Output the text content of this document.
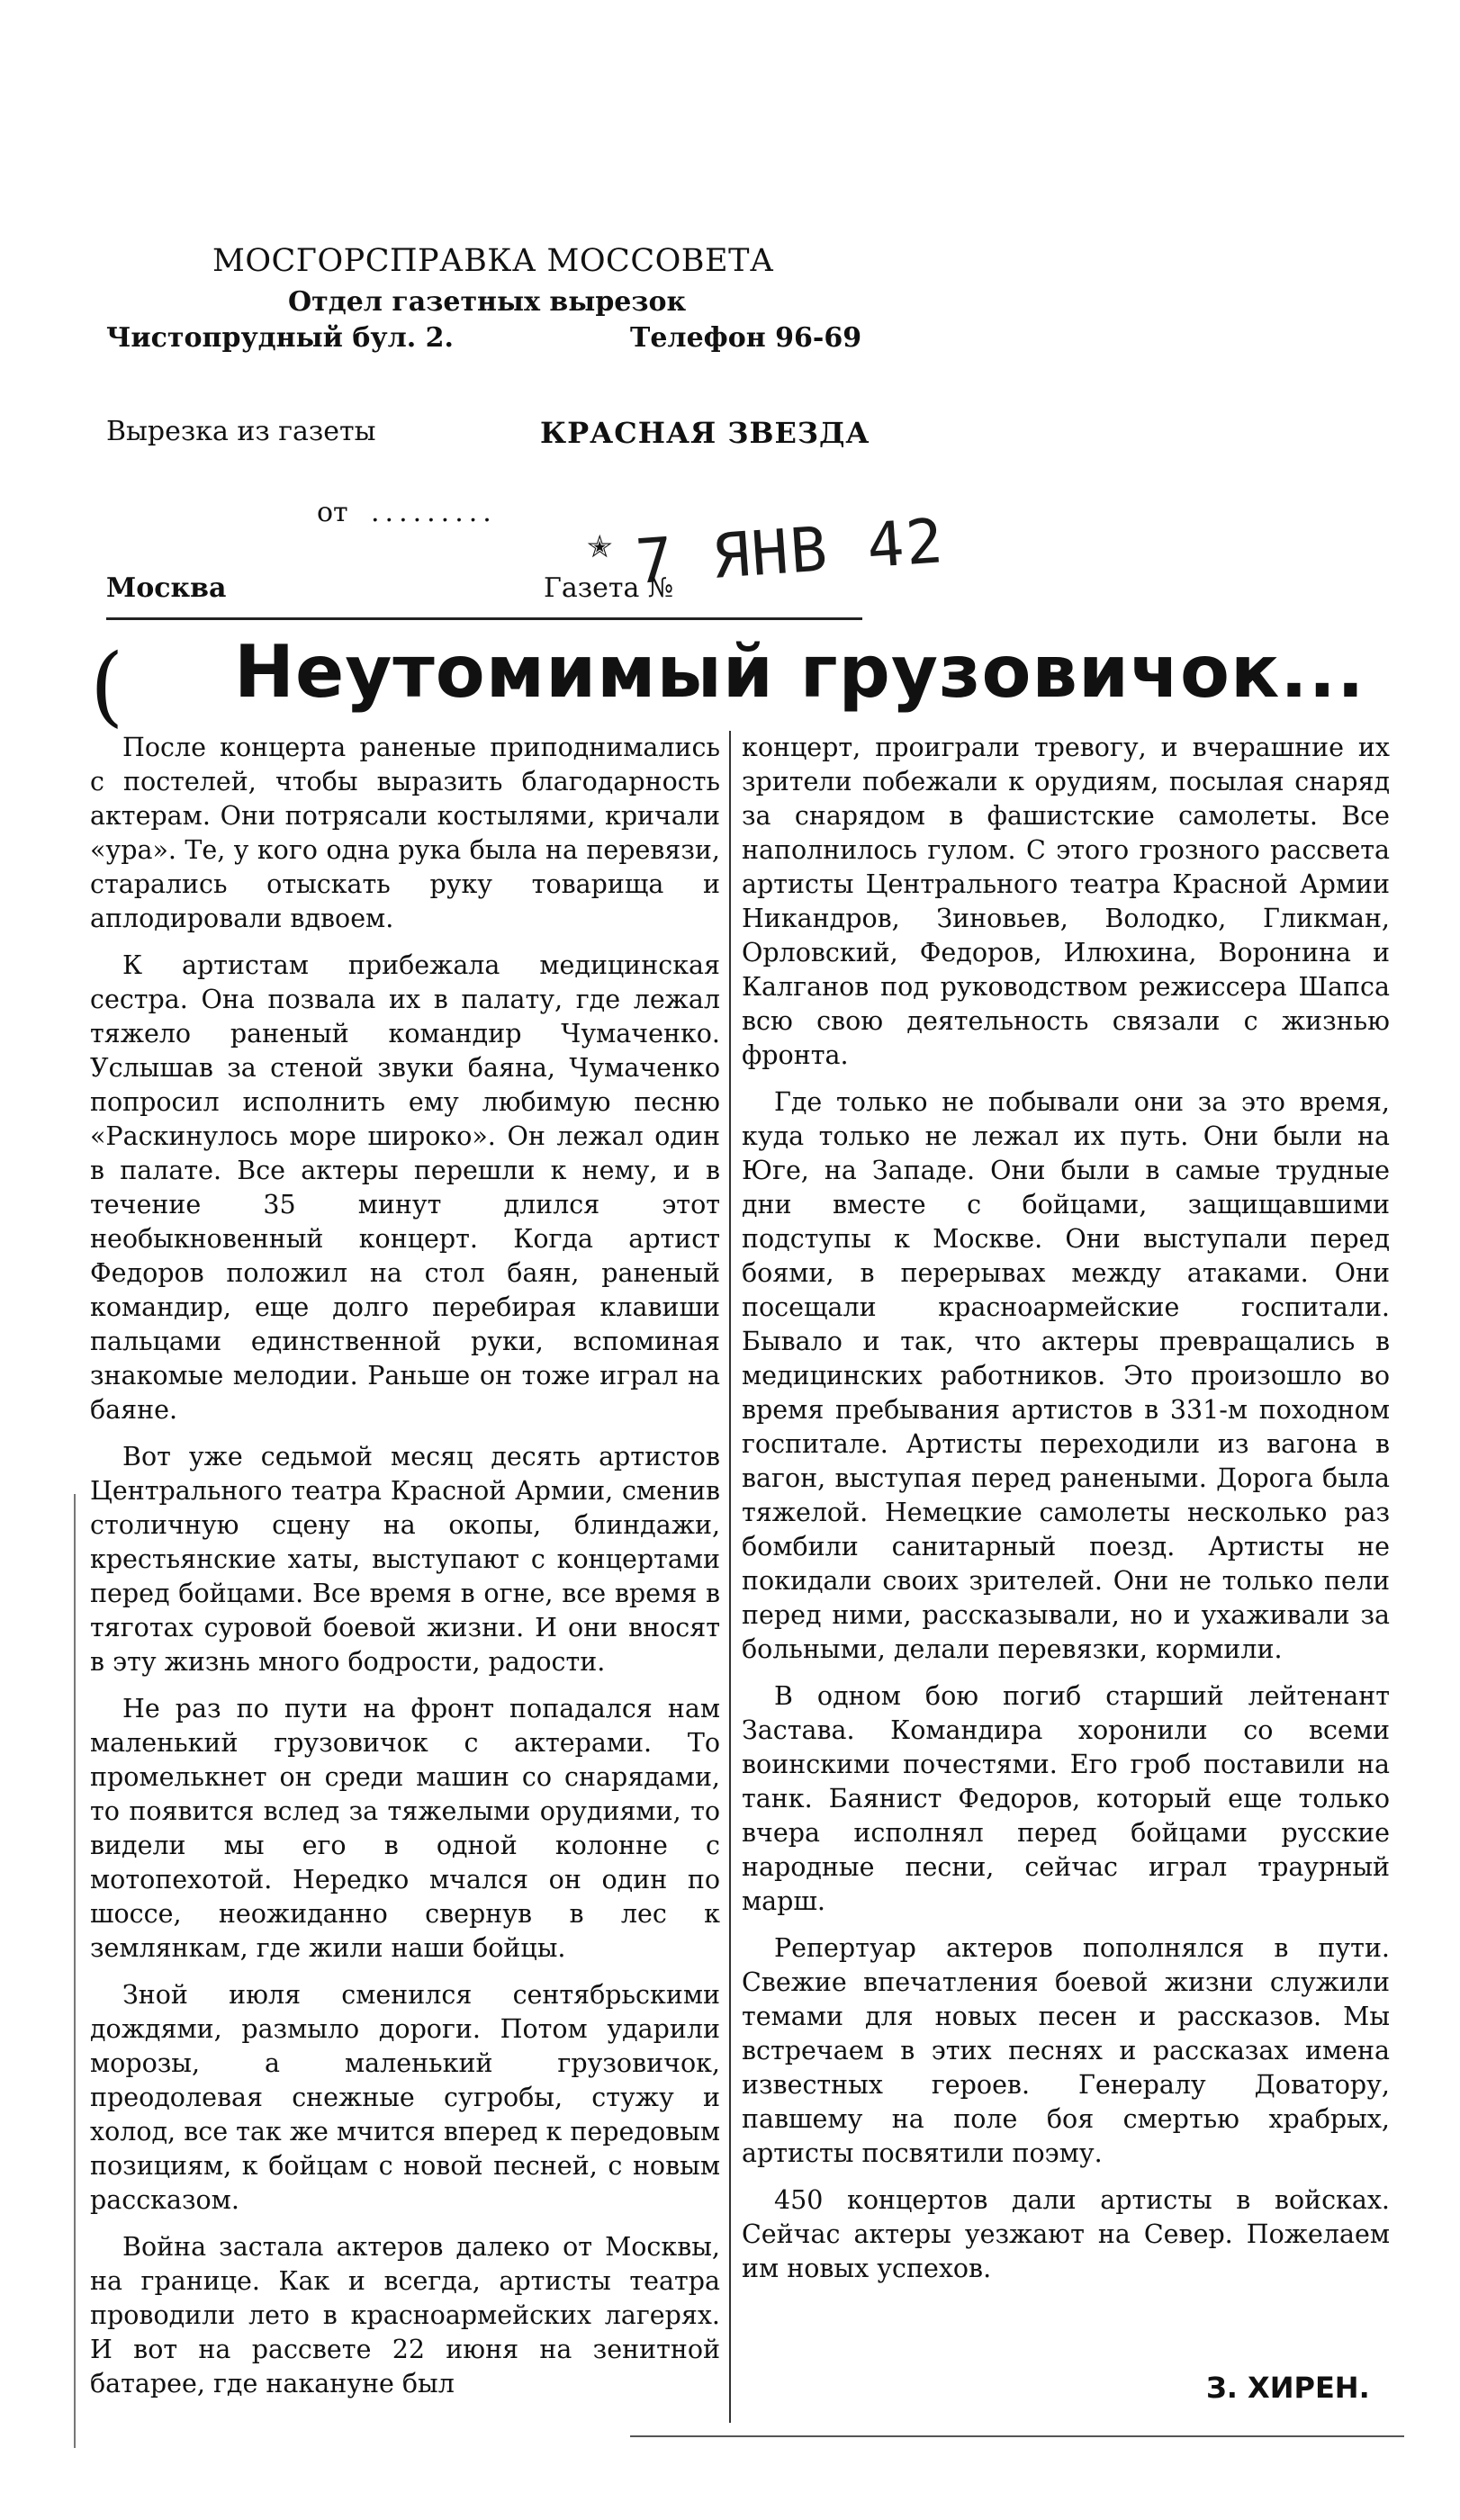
МОСГОРСПРАВКА МОССОВЕТА
Отдел газетных вырезок
Чистопрудный бул. 2.	Телефон 96-69
Вырезка из газеты	КРАСНАЯ ЗВЕЗДА
от .........
✭ 7 ЯНВ 42
Москва	Газета №
( Неутомимый грузовичок...

После концерта раненые приподнимались с постелей, чтобы выразить благодарность актерам. Они потрясали костылями, кричали «ура». Те, у кого одна рука была на перевязи, старались отыскать руку товарища и аплодировали вдвоем.

К артистам прибежала медицинская сестра. Она позвала их в палату, где лежал тяжело раненый командир Чумаченко. Услышав за стеной звуки баяна, Чумаченко попросил исполнить ему любимую песню «Раскинулось море широко». Он лежал один в палате. Все актеры перешли к нему, и в течение 35 минут длился этот необыкновенный концерт. Когда артист Федоров положил на стол баян, раненый командир, еще долго перебирая клавиши пальцами единственной руки, вспоминая знакомые мелодии. Раньше он тоже играл на баяне.

Вот уже седьмой месяц десять артистов Центрального театра Красной Армии, сменив столичную сцену на окопы, блиндажи, крестьянские хаты, выступают с концертами перед бойцами. Все время в огне, все время в тяготах суровой боевой жизни. И они вносят в эту жизнь много бодрости, радости.

Не раз по пути на фронт попадался нам маленький грузовичок с актерами. То промелькнет он среди машин со снарядами, то появится вслед за тяжелыми орудиями, то видели мы его в одной колонне с мотопехотой. Нередко мчался он один по шоссе, неожиданно свернув в лес к землянкам, где жили наши бойцы.

Зной июля сменился сентябрьскими дождями, размыло дороги. Потом ударили морозы, а маленький грузовичок, преодолевая снежные сугробы, стужу и холод, все так же мчится вперед к передовым позициям, к бойцам с новой песней, с новым рассказом.

Война застала актеров далеко от Москвы, на границе. Как и всегда, артисты театра проводили лето в красноармейских лагерях. И вот на рассвете 22 июня на зенитной батарее, где накануне был

концерт, проиграли тревогу, и вчерашние их зрители побежали к орудиям, посылая снаряд за снарядом в фашистские самолеты. Все наполнилось гулом. С этого грозного рассвета артисты Центрального театра Красной Армии Никандров, Зиновьев, Володко, Гликман, Орловский, Федоров, Илюхина, Воронина и Калганов под руководством режиссера Шапса всю свою деятельность связали с жизнью фронта.

Где только не побывали они за это время, куда только не лежал их путь. Они были на Юге, на Западе. Они были в самые трудные дни вместе с бойцами, защищавшими подступы к Москве. Они выступали перед боями, в перерывах между атаками. Они посещали красноармейские госпитали. Бывало и так, что актеры превращались в медицинских работников. Это произошло во время пребывания артистов в 331-м походном госпитале. Артисты переходили из вагона в вагон, выступая перед ранеными. Дорога была тяжелой. Немецкие самолеты несколько раз бомбили санитарный поезд. Артисты не покидали своих зрителей. Они не только пели перед ними, рассказывали, но и ухаживали за больными, делали перевязки, кормили.

В одном бою погиб старший лейтенант Застава. Командира хоронили со всеми воинскими почестями. Его гроб поставили на танк. Баянист Федоров, который еще только вчера исполнял перед бойцами русские народные песни, сейчас играл траурный марш.

Репертуар актеров пополнялся в пути. Свежие впечатления боевой жизни служили темами для новых песен и рассказов. Мы встречаем в этих песнях и рассказах имена известных героев. Генералу Доватору, павшему на поле боя смертью храбрых, артисты посвятили поэму.

450 концертов дали артисты в войсках. Сейчас актеры уезжают на Север. Пожелаем им новых успехов.

З. ХИРЕН.
